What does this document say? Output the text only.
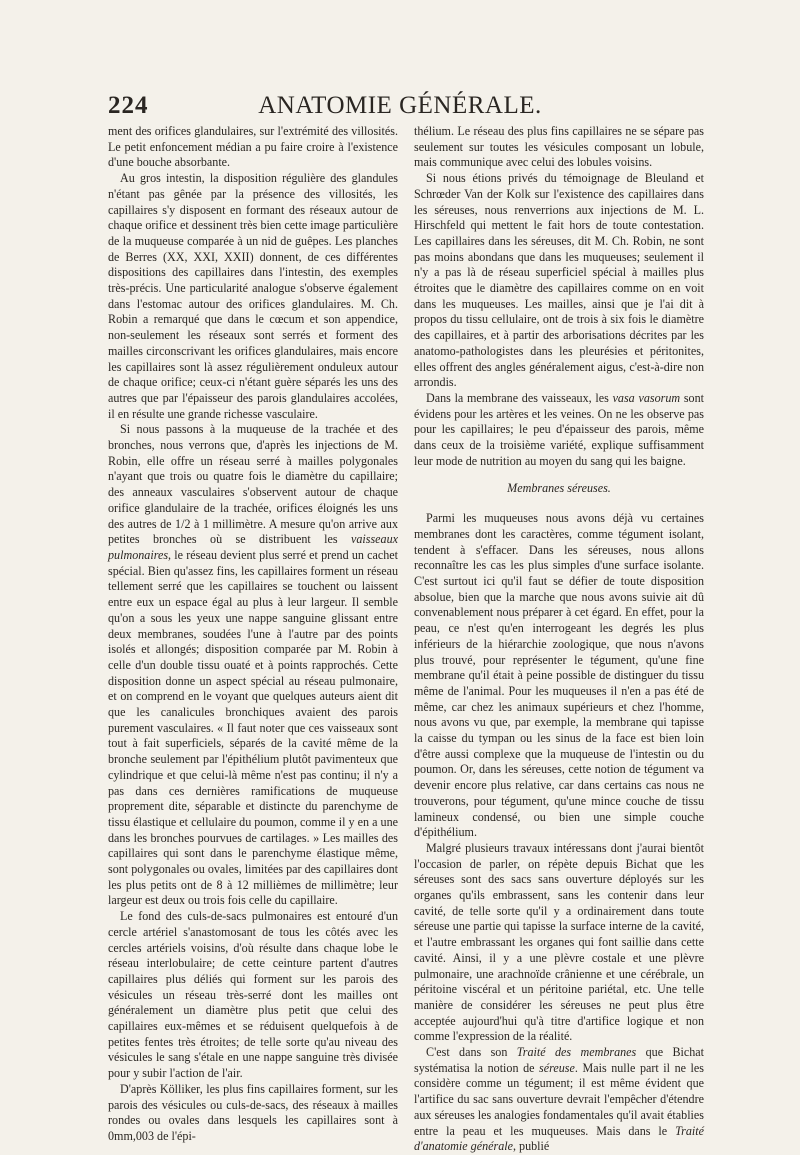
224	ANATOMIE GÉNÉRALE.

ment des orifices glandulaires, sur l'extrémité des villosités. Le petit enfoncement médian a pu faire croire à l'existence d'une bouche absorbante.

Au gros intestin, la disposition régulière des glandules n'étant pas gênée par la présence des villosités, les capillaires s'y disposent en formant des réseaux autour de chaque orifice et dessinent très bien cette image particulière de la muqueuse comparée à un nid de guêpes. Les planches de Berres (XX, XXI, XXII) donnent, de ces différentes dispositions des capillaires dans l'intestin, des exemples très-précis. Une particularité analogue s'observe également dans l'estomac autour des orifices glandulaires. M. Ch. Robin a remarqué que dans le cœcum et son appendice, non-seulement les réseaux sont serrés et forment des mailles circonscrivant les orifices glandulaires, mais encore les capillaires sont là assez régulièrement onduleux autour de chaque orifice; ceux-ci n'étant guère séparés les uns des autres que par l'épaisseur des parois glandulaires accolées, il en résulte une grande richesse vasculaire.

Si nous passons à la muqueuse de la trachée et des bronches, nous verrons que, d'après les injections de M. Robin, elle offre un réseau serré à mailles polygonales n'ayant que trois ou quatre fois le diamètre du capillaire; des anneaux vasculaires s'observent autour de chaque orifice glandulaire de la trachée, orifices éloignés les uns des autres de 1/2 à 1 millimètre. A mesure qu'on arrive aux petites bronches où se distribuent les vaisseaux pulmonaires, le réseau devient plus serré et prend un cachet spécial. Bien qu'assez fins, les capillaires forment un réseau tellement serré que les capillaires se touchent ou laissent entre eux un espace égal au plus à leur largeur. Il semble qu'on a sous les yeux une nappe sanguine glissant entre deux membranes, soudées l'une à l'autre par des points isolés et allongés; disposition comparée par M. Robin à celle d'un double tissu ouaté et à points rapprochés. Cette disposition donne un aspect spécial au réseau pulmonaire, et on comprend en le voyant que quelques auteurs aient dit que les canalicules bronchiques avaient des parois purement vasculaires. « Il faut noter que ces vaisseaux sont tout à fait superficiels, séparés de la cavité même de la bronche seulement par l'épithélium plutôt pavimenteux que cylindrique et que celui-là même n'est pas continu; il n'y a pas dans ces dernières ramifications de muqueuse proprement dite, séparable et distincte du parenchyme de tissu élastique et cellulaire du poumon, comme il y en a une dans les bronches pourvues de cartilages. » Les mailles des capillaires qui sont dans le parenchyme élastique même, sont polygonales ou ovales, limitées par des capillaires dont les plus petits ont de 8 à 12 millièmes de millimètre; leur largeur est deux ou trois fois celle du capillaire.

Le fond des culs-de-sacs pulmonaires est entouré d'un cercle artériel s'anastomosant de tous les côtés avec les cercles artériels voisins, d'où résulte dans chaque lobe le réseau interlobulaire; de cette ceinture partent d'autres capillaires plus déliés qui forment sur les parois des vésicules un réseau très-serré dont les mailles ont généralement un diamètre plus petit que celui des capillaires eux-mêmes et se réduisent quelquefois à de petites fentes très étroites; de telle sorte qu'au niveau des vésicules le sang s'étale en une nappe sanguine très divisée pour y subir l'action de l'air.

D'après Kölliker, les plus fins capillaires forment, sur les parois des vésicules ou culs-de-sacs, des réseaux à mailles rondes ou ovales dans lesquels les capillaires sont à 0mm,003 de l'épi-

thélium. Le réseau des plus fins capillaires ne se sépare pas seulement sur toutes les vésicules composant un lobule, mais communique avec celui des lobules voisins.

Si nous étions privés du témoignage de Bleuland et Schrœder Van der Kolk sur l'existence des capillaires dans les séreuses, nous renverrions aux injections de M. L. Hirschfeld qui mettent le fait hors de toute contestation. Les capillaires dans les séreuses, dit M. Ch. Robin, ne sont pas moins abondans que dans les muqueuses; seulement il n'y a pas là de réseau superficiel spécial à mailles plus étroites que le diamètre des capillaires comme on en voit dans les muqueuses. Les mailles, ainsi que je l'ai dit à propos du tissu cellulaire, ont de trois à six fois le diamètre des capillaires, et à partir des arborisations décrites par les anatomo-pathologistes dans les pleurésies et péritonites, elles offrent des angles généralement aigus, c'est-à-dire non arrondis.

Dans la membrane des vaisseaux, les vasa vasorum sont évidens pour les artères et les veines. On ne les observe pas pour les capillaires; le peu d'épaisseur des parois, même dans ceux de la troisième variété, explique suffisamment leur mode de nutrition au moyen du sang qui les baigne.

Membranes séreuses.

Parmi les muqueuses nous avons déjà vu certaines membranes dont les caractères, comme tégument isolant, tendent à s'effacer. Dans les séreuses, nous allons reconnaître les cas les plus simples d'une surface isolante. C'est surtout ici qu'il faut se défier de toute disposition absolue, bien que la marche que nous avons suivie ait dû convenablement nous préparer à cet égard. En effet, pour la peau, ce n'est qu'en interrogeant les degrés les plus inférieurs de la hiérarchie zoologique, que nous n'avons plus trouvé, pour représenter le tégument, qu'une fine membrane qu'il était à peine possible de distinguer du tissu même de l'animal. Pour les muqueuses il n'en a pas été de même, car chez les animaux supérieurs et chez l'homme, nous avons vu que, par exemple, la membrane qui tapisse la caisse du tympan ou les sinus de la face est bien loin d'être aussi complexe que la muqueuse de l'intestin ou du poumon. Or, dans les séreuses, cette notion de tégument va devenir encore plus relative, car dans certains cas nous ne trouverons, pour tégument, qu'une mince couche de tissu lamineux condensé, ou bien une simple couche d'épithélium.

Malgré plusieurs travaux intéressans dont j'aurai bientôt l'occasion de parler, on répète depuis Bichat que les séreuses sont des sacs sans ouverture déployés sur les organes qu'ils embrassent, sans les contenir dans leur cavité, de telle sorte qu'il y a ordinairement dans toute séreuse une partie qui tapisse la surface interne de la cavité, et l'autre embrassant les organes qui font saillie dans cette cavité. Ainsi, il y a une plèvre costale et une plèvre pulmonaire, une arachnoïde crânienne et une cérébrale, un péritoine viscéral et un péritoine pariétal, etc. Une telle manière de considérer les séreuses ne peut plus être acceptée aujourd'hui qu'à titre d'artifice logique et non comme l'expression de la réalité.

C'est dans son Traité des membranes que Bichat systématisa la notion de séreuse. Mais nulle part il ne les considère comme un tégument; il est même évident que l'artifice du sac sans ouverture devrait l'empêcher d'étendre aux séreuses les analogies fondamentales qu'il avait établies entre la peau et les muqueuses. Mais dans le Traité d'anatomie générale, publié
